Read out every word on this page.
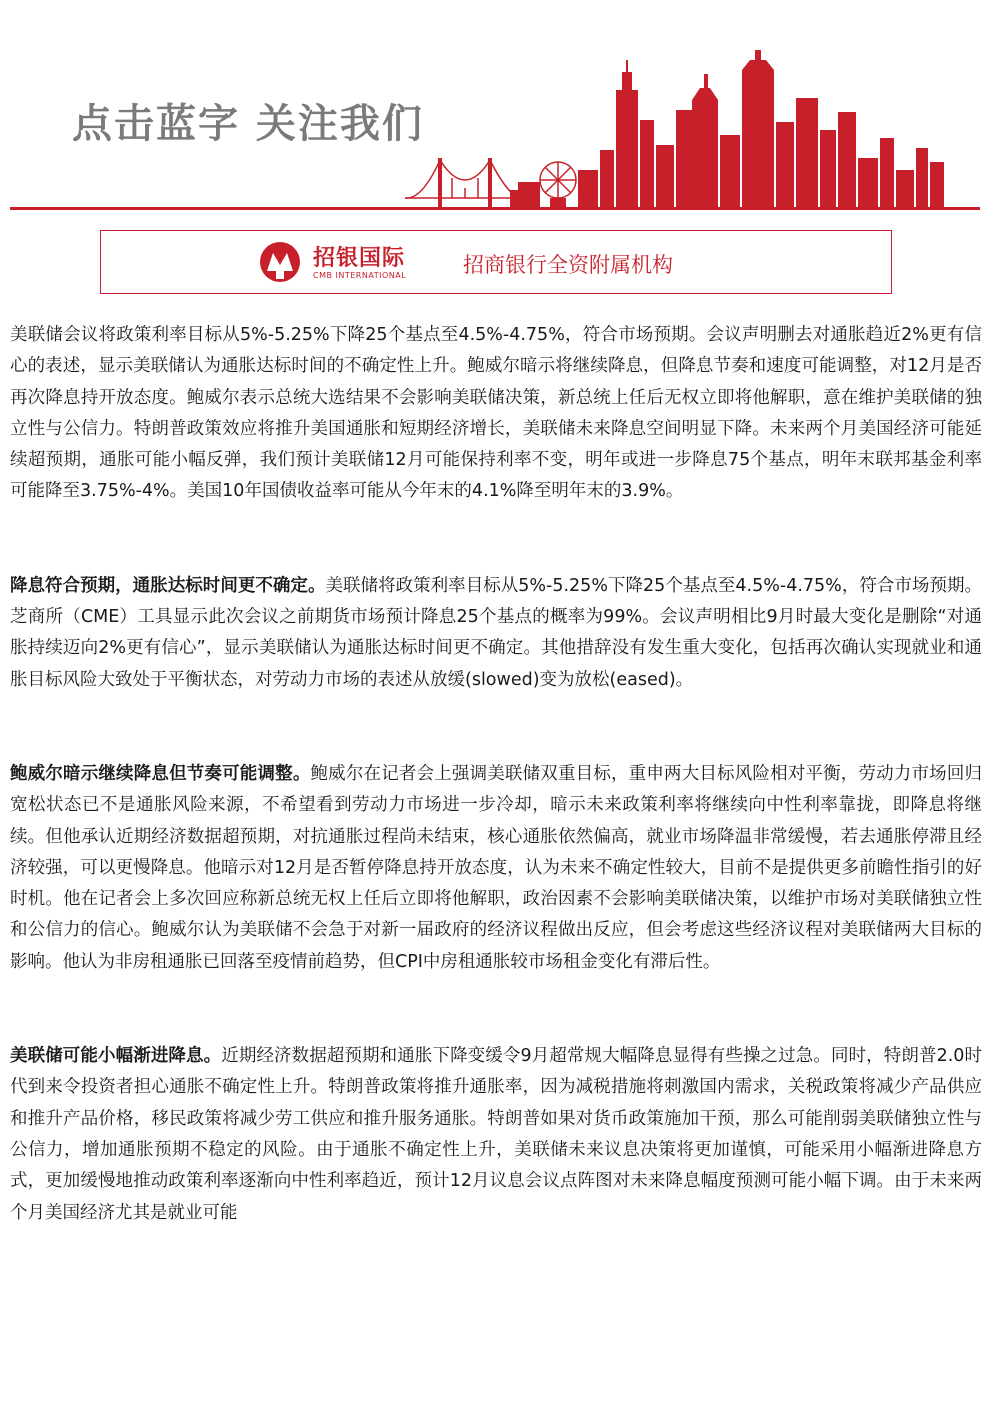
点击蓝字 关注我们
招银国际
CMB INTERNATIONAL	招商银行全资附属机构

美联储会议将政策利率目标从5%-5.25%下降25个基点至4.5%-4.75%，符合市场预期。会议声明删去对通胀趋近2%更有信心的表述，显示美联储认为通胀达标时间的不确定性上升。鲍威尔暗示将继续降息，但降息节奏和速度可能调整，对12月是否再次降息持开放态度。鲍威尔表示总统大选结果不会影响美联储决策，新总统上任后无权立即将他解职，意在维护美联储的独立性与公信力。特朗普政策效应将推升美国通胀和短期经济增长，美联储未来降息空间明显下降。未来两个月美国经济可能延续超预期，通胀可能小幅反弹，我们预计美联储12月可能保持利率不变，明年或进一步降息75个基点，明年末联邦基金利率可能降至3.75%-4%。美国10年国债收益率可能从今年末的4.1%降至明年末的3.9%。

降息符合预期，通胀达标时间更不确定。美联储将政策利率目标从5%-5.25%下降25个基点至4.5%-4.75%，符合市场预期。芝商所（CME）工具显示此次会议之前期货市场预计降息25个基点的概率为99%。会议声明相比9月时最大变化是删除“对通胀持续迈向2%更有信心”，显示美联储认为通胀达标时间更不确定。其他措辞没有发生重大变化，包括再次确认实现就业和通胀目标风险大致处于平衡状态，对劳动力市场的表述从放缓(slowed)变为放松(eased)。

鲍威尔暗示继续降息但节奏可能调整。鲍威尔在记者会上强调美联储双重目标，重申两大目标风险相对平衡，劳动力市场回归宽松状态已不是通胀风险来源，不希望看到劳动力市场进一步冷却，暗示未来政策利率将继续向中性利率靠拢，即降息将继续。但他承认近期经济数据超预期，对抗通胀过程尚未结束，核心通胀依然偏高，就业市场降温非常缓慢，若去通胀停滞且经济较强，可以更慢降息。他暗示对12月是否暂停降息持开放态度，认为未来不确定性较大，目前不是提供更多前瞻性指引的好时机。他在记者会上多次回应称新总统无权上任后立即将他解职，政治因素不会影响美联储决策，以维护市场对美联储独立性和公信力的信心。鲍威尔认为美联储不会急于对新一届政府的经济议程做出反应，但会考虑这些经济议程对美联储两大目标的影响。他认为非房租通胀已回落至疫情前趋势，但CPI中房租通胀较市场租金变化有滞后性。

美联储可能小幅渐进降息。近期经济数据超预期和通胀下降变缓令9月超常规大幅降息显得有些操之过急。同时，特朗普2.0时代到来令投资者担心通胀不确定性上升。特朗普政策将推升通胀率，因为减税措施将刺激国内需求，关税政策将减少产品供应和推升产品价格，移民政策将减少劳工供应和推升服务通胀。特朗普如果对货币政策施加干预，那么可能削弱美联储独立性与公信力，增加通胀预期不稳定的风险。由于通胀不确定性上升，美联储未来议息决策将更加谨慎，可能采用小幅渐进降息方式，更加缓慢地推动政策利率逐渐向中性利率趋近，预计12月议息会议点阵图对未来降息幅度预测可能小幅下调。由于未来两个月美国经济尤其是就业可能
